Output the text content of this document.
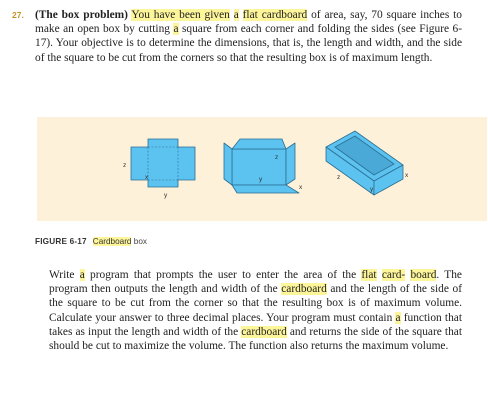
27. (The box problem) You have been given a flat cardboard of area, say, 70 square inches to make an open box by cutting a square from each corner and folding the sides (see Figure 6-17). Your objective is to determine the dimensions, that is, the length and width, and the side of the square to be cut from the corners so that the resulting box is of maximum length.

z
x
y
z
y
x
z	x
y
FIGURE 6-17 Cardboard box

Write a program that prompts the user to enter the area of the flat card- board. The program then outputs the length and width of the cardboard and the length of the side of the square to be cut from the corner so that the resulting box is of maximum volume. Calculate your answer to three decimal places. Your program must contain a function that takes as input the length and width of the cardboard and returns the side of the square that should be cut to maximize the volume. The function also returns the maximum volume.
